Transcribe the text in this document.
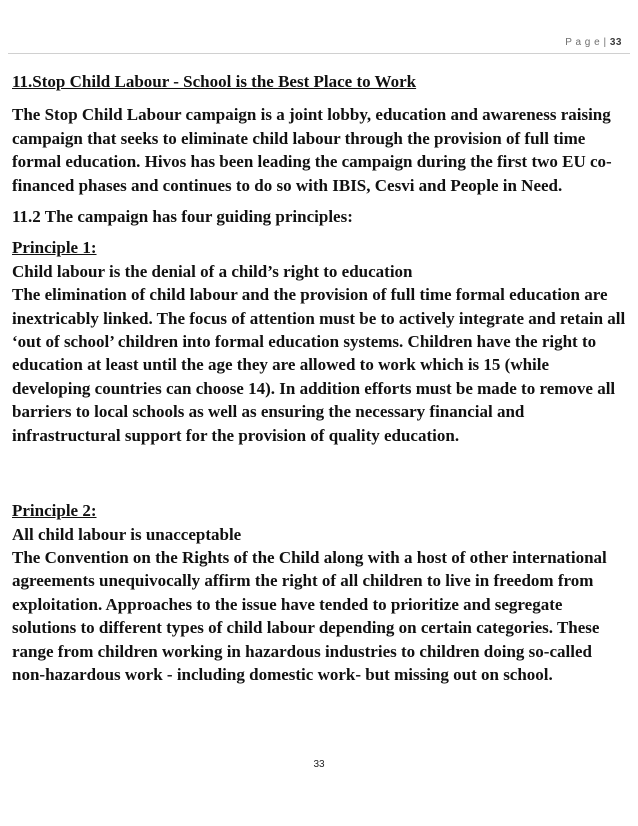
P a g e | 33

11.Stop Child Labour - School is the Best Place to Work

The Stop Child Labour campaign is a joint lobby, education and awareness raising campaign that seeks to eliminate child labour through the provision of full time formal education. Hivos has been leading the campaign during the first two EU co-financed phases and continues to do so with IBIS, Cesvi and People in Need.

11.2 The campaign has four guiding principles:

Principle 1:

Child labour is the denial of a child’s right to education

The elimination of child labour and the provision of full time formal education are inextricably linked. The focus of attention must be to actively integrate and retain all ‘out of school’ children into formal education systems. Children have the right to education at least until the age they are allowed to work which is 15 (while developing countries can choose 14). In addition efforts must be made to remove all barriers to local schools as well as ensuring the necessary financial and infrastructural support for the provision of quality education.

Principle 2:

All child labour is unacceptable

The Convention on the Rights of the Child along with a host of other international agreements unequivocally affirm the right of all children to live in freedom from exploitation. Approaches to the issue have tended to prioritize and segregate solutions to different types of child labour depending on certain categories. These range from children working in hazardous industries to children doing so-called non-hazardous work - including domestic work- but missing out on school.

33
